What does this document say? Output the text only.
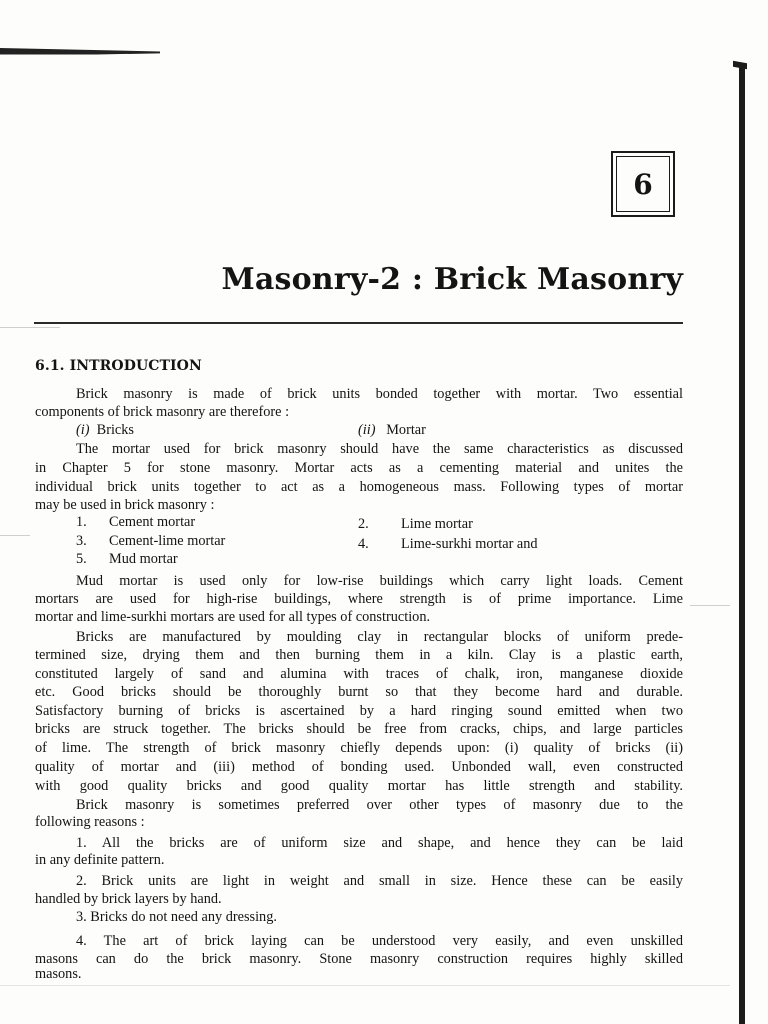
6
Masonry-2 : Brick Masonry
6.1. INTRODUCTION
Brick masonry is made of brick units bonded together with mortar. Two essential
components of brick masonry are therefore :
(i) Bricks	(ii) Mortar
The mortar used for brick masonry should have the same characteristics as discussed
in Chapter 5 for stone masonry. Mortar acts as a cementing material and unites the
individual brick units together to act as a homogeneous mass. Following types of mortar
may be used in brick masonry :
1. Cement mortar	2. Lime mortar
3. Cement-lime mortar	4. Lime-surkhi mortar and
5. Mud mortar
Mud mortar is used only for low-rise buildings which carry light loads. Cement
mortars are used for high-rise buildings, where strength is of prime importance. Lime
mortar and lime-surkhi mortars are used for all types of construction.
Bricks are manufactured by moulding clay in rectangular blocks of uniform prede-
termined size, drying them and then burning them in a kiln. Clay is a plastic earth,
constituted largely of sand and alumina with traces of chalk, iron, manganese dioxide
etc. Good bricks should be thoroughly burnt so that they become hard and durable.
Satisfactory burning of bricks is ascertained by a hard ringing sound emitted when two
bricks are struck together. The bricks should be free from cracks, chips, and large particles
of lime. The strength of brick masonry chiefly depends upon: (i) quality of bricks (ii)
quality of mortar and (iii) method of bonding used. Unbonded wall, even constructed
with good quality bricks and good quality mortar has little strength and stability.
Brick masonry is sometimes preferred over other types of masonry due to the
following reasons :
1. All the bricks are of uniform size and shape, and hence they can be laid
in any definite pattern.
2. Brick units are light in weight and small in size. Hence these can be easily
handled by brick layers by hand.
3. Bricks do not need any dressing.
4. The art of brick laying can be understood very easily, and even unskilled
masons can do the brick masonry. Stone masonry construction requires highly skilled
masons.
